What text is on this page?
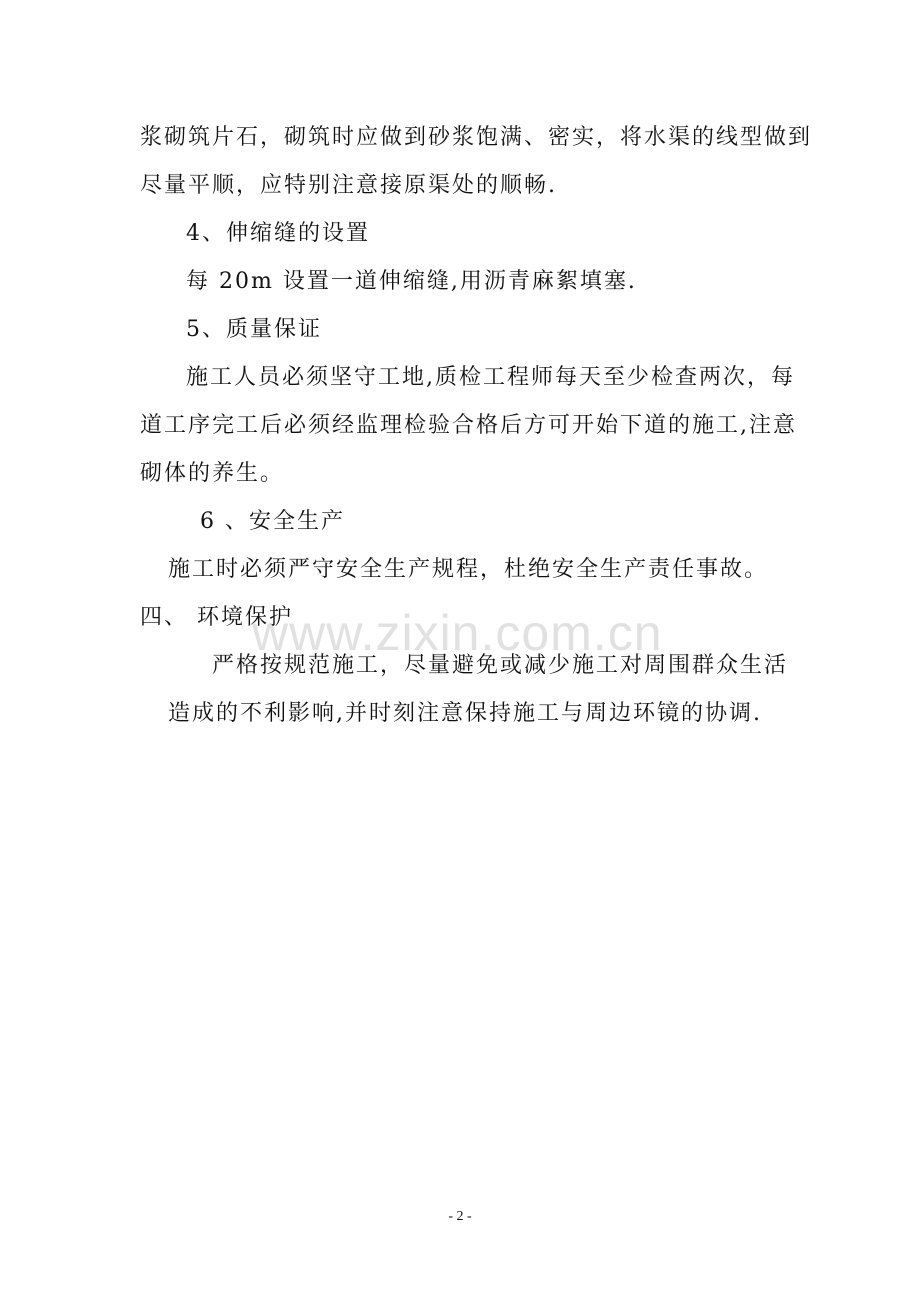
浆砌筑片石，砌筑时应做到砂浆饱满、密实，将水渠的线型做到
尽量平顺，应特别注意接原渠处的顺畅.
4、伸缩缝的设置
每 20m 设置一道伸缩缝,用沥青麻絮填塞.
5、质量保证
施工人员必须坚守工地,质检工程师每天至少检查两次，每
道工序完工后必须经监理检验合格后方可开始下道的施工,注意
砌体的养生。
6 、安全生产
施工时必须严守安全生产规程，杜绝安全生产责任事故。
四、 环境保护
严格按规范施工，尽量避免或减少施工对周围群众生活
造成的不利影响,并时刻注意保持施工与周边环镜的协调.
www.zixin.com.cn
- 2 -
